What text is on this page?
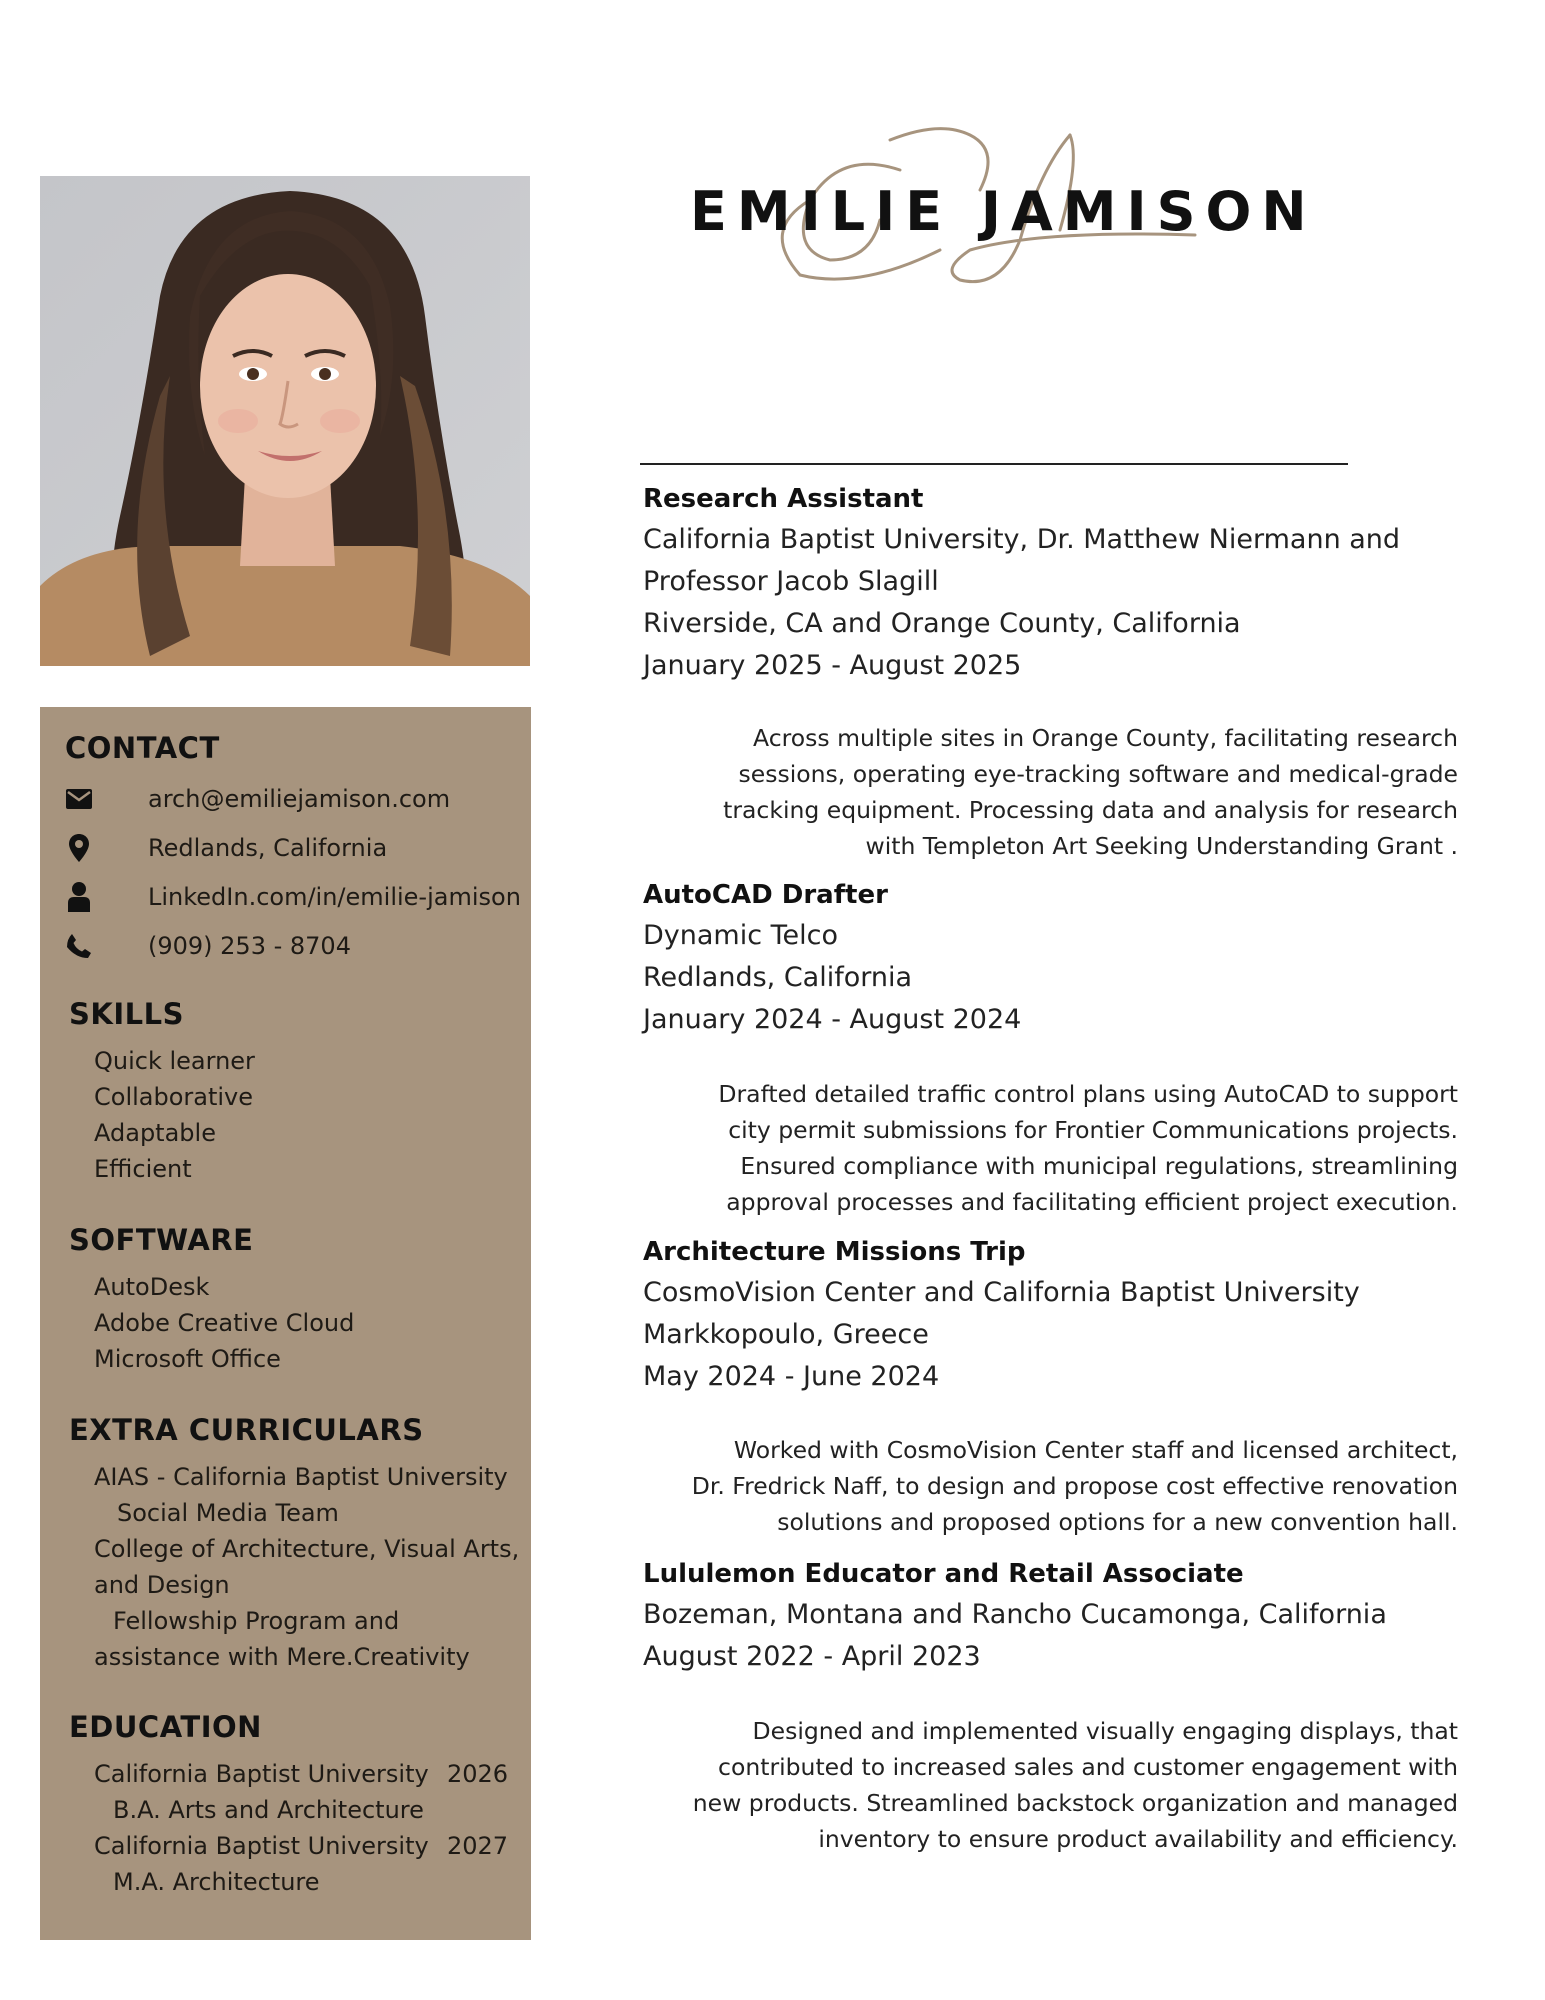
CONTACT
arch@emiliejamison.com
Redlands, California
LinkedIn.com/in/emilie-jamison
(909) 253 - 8704
SKILLS
Quick learner
Collaborative
Adaptable
Efficient
SOFTWARE
AutoDesk
Adobe Creative Cloud
Microsoft Office
EXTRA CURRICULARS
AIAS - California Baptist University
Social Media Team
College of Architecture, Visual Arts,
and Design
Fellowship Program and
assistance with Mere.Creativity
EDUCATION
California Baptist University 2026
B.A. Arts and Architecture
California Baptist University 2027
M.A. Architecture
EMILIE JAMISON
Research Assistant
California Baptist University, Dr. Matthew Niermann and
Professor Jacob Slagill
Riverside, CA and Orange County, California
January 2025 - August 2025
Across multiple sites in Orange County, facilitating research
sessions, operating eye-tracking software and medical-grade
tracking equipment. Processing data and analysis for research
with Templeton Art Seeking Understanding Grant .
AutoCAD Drafter
Dynamic Telco
Redlands, California
January 2024 - August 2024
Drafted detailed traffic control plans using AutoCAD to support
city permit submissions for Frontier Communications projects.
Ensured compliance with municipal regulations, streamlining
approval processes and facilitating efficient project execution.
Architecture Missions Trip
CosmoVision Center and California Baptist University
Markkopoulo, Greece
May 2024 - June 2024
Worked with CosmoVision Center staff and licensed architect,
Dr. Fredrick Naff, to design and propose cost effective renovation
solutions and proposed options for a new convention hall.
Lululemon Educator and Retail Associate
Bozeman, Montana and Rancho Cucamonga, California
August 2022 - April 2023
Designed and implemented visually engaging displays, that
contributed to increased sales and customer engagement with
new products. Streamlined backstock organization and managed
inventory to ensure product availability and efficiency.
